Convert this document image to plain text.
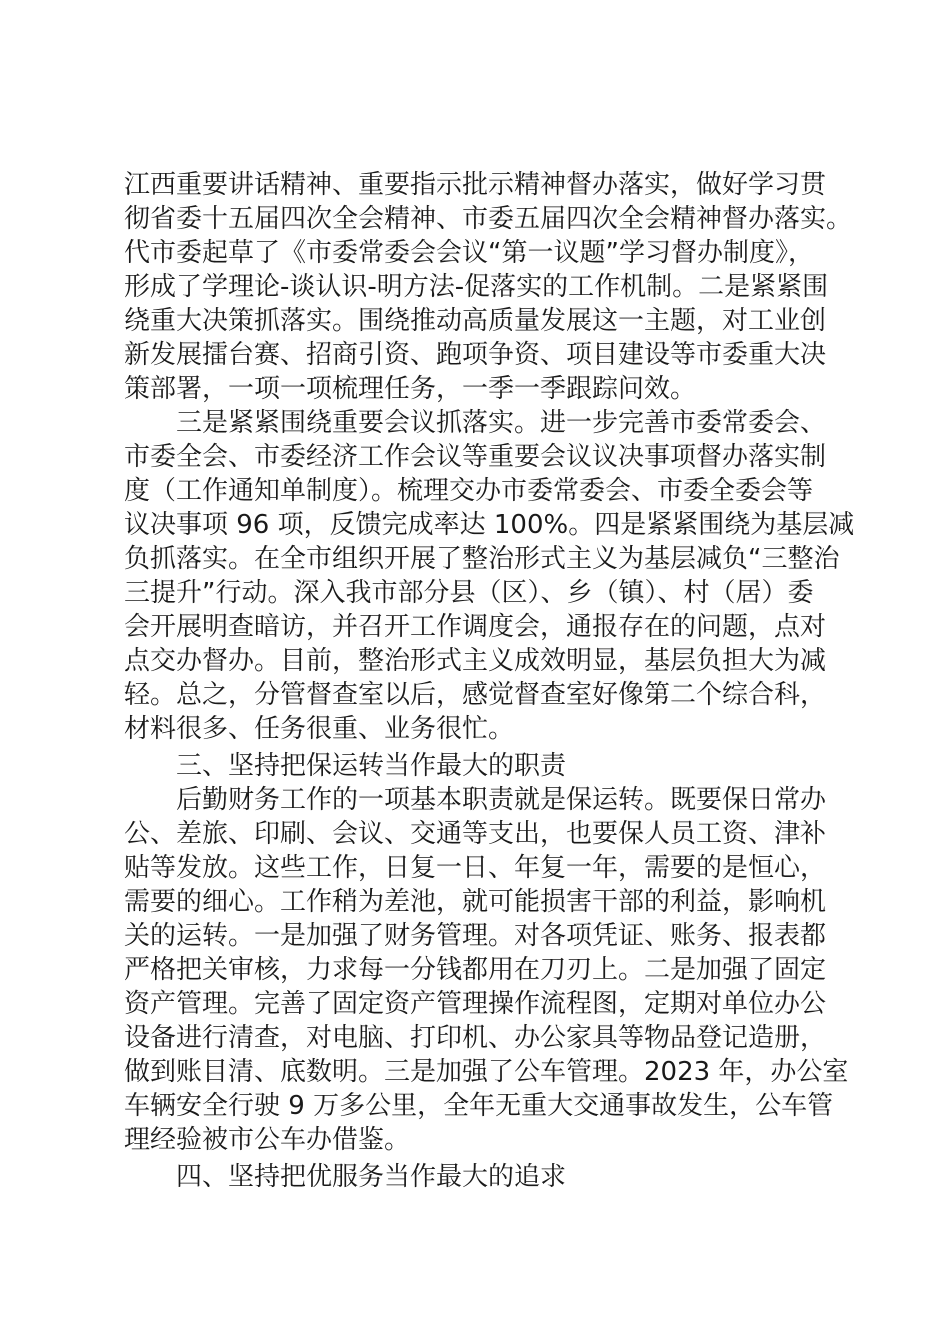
江西重要讲话精神、重要指示批示精神督办落实，做好学习贯
彻省委十五届四次全会精神、市委五届四次全会精神督办落实。
代市委起草了《市委常委会会议“第一议题”学习督办制度》，
形成了学理论-谈认识-明方法-促落实的工作机制。二是紧紧围
绕重大决策抓落实。围绕推动高质量发展这一主题，对工业创
新发展擂台赛、招商引资、跑项争资、项目建设等市委重大决
策部署，一项一项梳理任务，一季一季跟踪问效。
三是紧紧围绕重要会议抓落实。进一步完善市委常委会、
市委全会、市委经济工作会议等重要会议议决事项督办落实制
度（工作通知单制度）。梳理交办市委常委会、市委全委会等
议决事项 96 项，反馈完成率达 100%。四是紧紧围绕为基层减
负抓落实。在全市组织开展了整治形式主义为基层减负“三整治
三提升”行动。深入我市部分县（区）、乡（镇）、村（居）委
会开展明查暗访，并召开工作调度会，通报存在的问题，点对
点交办督办。目前，整治形式主义成效明显，基层负担大为减
轻。总之，分管督查室以后，感觉督查室好像第二个综合科，
材料很多、任务很重、业务很忙。
三、坚持把保运转当作最大的职责
后勤财务工作的一项基本职责就是保运转。既要保日常办
公、差旅、印刷、会议、交通等支出，也要保人员工资、津补
贴等发放。这些工作，日复一日、年复一年，需要的是恒心，
需要的细心。工作稍为差池，就可能损害干部的利益，影响机
关的运转。一是加强了财务管理。对各项凭证、账务、报表都
严格把关审核，力求每一分钱都用在刀刃上。二是加强了固定
资产管理。完善了固定资产管理操作流程图，定期对单位办公
设备进行清查，对电脑、打印机、办公家具等物品登记造册，
做到账目清、底数明。三是加强了公车管理。2023 年，办公室
车辆安全行驶 9 万多公里，全年无重大交通事故发生，公车管
理经验被市公车办借鉴。
四、坚持把优服务当作最大的追求
